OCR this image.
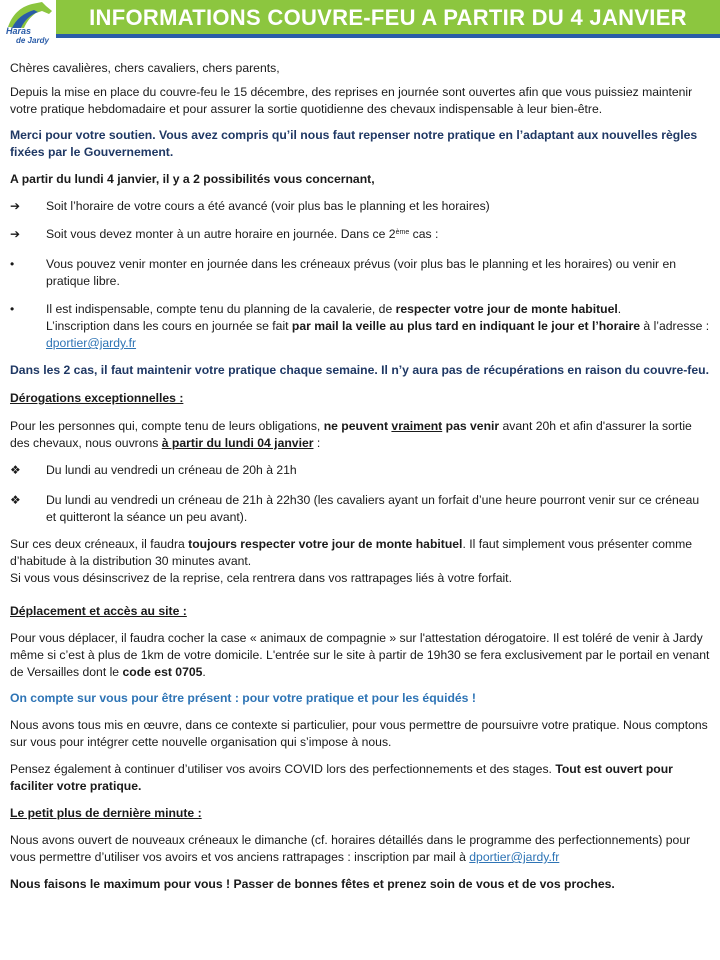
Haras
de Jardy
INFORMATIONS COUVRE-FEU A PARTIR DU 4 JANVIER

Chères cavalières, chers cavaliers, chers parents,

Depuis la mise en place du couvre-feu le 15 décembre, des reprises en journée sont ouvertes afin que vous puissiez maintenir votre pratique hebdomadaire et pour assurer la sortie quotidienne des chevaux indispensable à leur bien-être.

Merci pour votre soutien. Vous avez compris qu’il nous faut repenser notre pratique en l’adaptant aux nouvelles règles fixées par le Gouvernement.

A partir du lundi 4 janvier, il y a 2 possibilités vous concernant,

➔	Soit l’horaire de votre cours a été avancé (voir plus bas le planning et les horaires)
➔	Soit vous devez monter à un autre horaire en journée. Dans ce 2ème cas :
•	Vous pouvez venir monter en journée dans les créneaux prévus (voir plus bas le planning et les horaires) ou venir en pratique libre.
•	Il est indispensable, compte tenu du planning de la cavalerie, de respecter votre jour de monte habituel.
L’inscription dans les cours en journée se fait par mail la veille au plus tard en indiquant le jour et l’horaire à l’adresse : dportier@jardy.fr

Dans les 2 cas, il faut maintenir votre pratique chaque semaine. Il n’y aura pas de récupérations en raison du couvre-feu.

Dérogations exceptionnelles :

Pour les personnes qui, compte tenu de leurs obligations, ne peuvent vraiment pas venir avant 20h et afin d'assurer la sortie des chevaux, nous ouvrons à partir du lundi 04 janvier :

❖	Du lundi au vendredi un créneau de 20h à 21h
❖	Du lundi au vendredi un créneau de 21h à 22h30 (les cavaliers ayant un forfait d’une heure pourront venir sur ce créneau et quitteront la séance un peu avant).

Sur ces deux créneaux, il faudra toujours respecter votre jour de monte habituel. Il faut simplement vous présenter comme d’habitude à la distribution 30 minutes avant.
Si vous vous désinscrivez de la reprise, cela rentrera dans vos rattrapages liés à votre forfait.

Déplacement et accès au site :

Pour vous déplacer, il faudra cocher la case « animaux de compagnie » sur l'attestation dérogatoire. Il est toléré de venir à Jardy même si c’est à plus de 1km de votre domicile. L'entrée sur le site à partir de 19h30 se fera exclusivement par le portail en venant de Versailles dont le code est 0705.

On compte sur vous pour être présent : pour votre pratique et pour les équidés !

Nous avons tous mis en œuvre, dans ce contexte si particulier, pour vous permettre de poursuivre votre pratique. Nous comptons sur vous pour intégrer cette nouvelle organisation qui s’impose à nous.

Pensez également à continuer d’utiliser vos avoirs COVID lors des perfectionnements et des stages. Tout est ouvert pour faciliter votre pratique.

Le petit plus de dernière minute :

Nous avons ouvert de nouveaux créneaux le dimanche (cf. horaires détaillés dans le programme des perfectionnements) pour vous permettre d’utiliser vos avoirs et vos anciens rattrapages : inscription par mail à dportier@jardy.fr

Nous faisons le maximum pour vous ! Passer de bonnes fêtes et prenez soin de vous et de vos proches.
